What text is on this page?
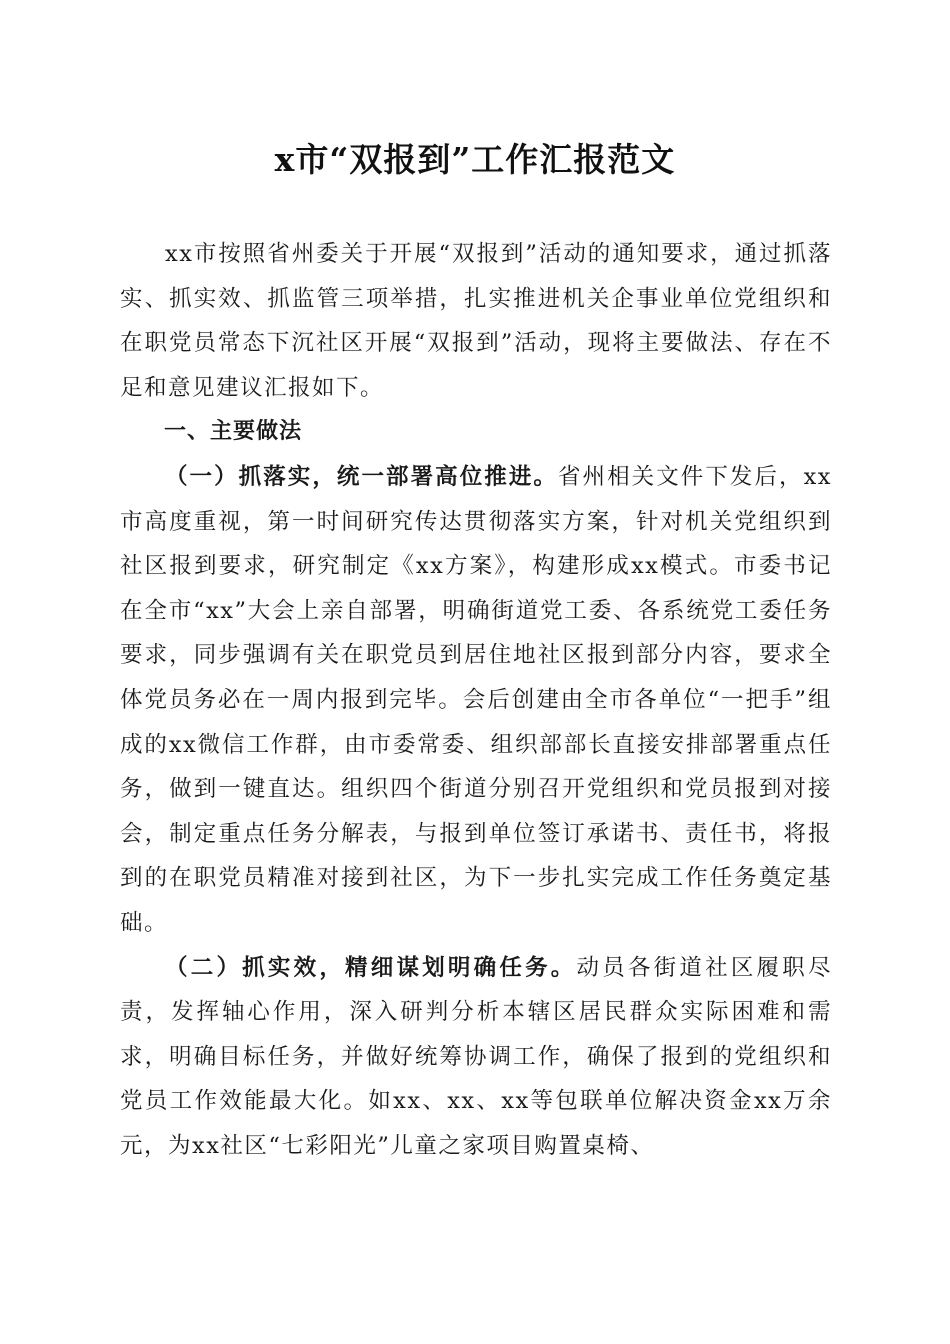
x市“双报到”工作汇报范文

xx市按照省州委关于开展“双报到”活动的通知要求，通过抓落实、抓实效、抓监管三项举措，扎实推进机关企事业单位党组织和在职党员常态下沉社区开展“双报到”活动，现将主要做法、存在不足和意见建议汇报如下。

一、主要做法

（一）抓落实，统一部署高位推进。省州相关文件下发后，xx市高度重视，第一时间研究传达贯彻落实方案，针对机关党组织到社区报到要求，研究制定《xx方案》，构建形成xx模式。市委书记在全市“xx”大会上亲自部署，明确街道党工委、各系统党工委任务要求，同步强调有关在职党员到居住地社区报到部分内容，要求全体党员务必在一周内报到完毕。会后创建由全市各单位“一把手”组成的xx微信工作群，由市委常委、组织部部长直接安排部署重点任务，做到一键直达。组织四个街道分别召开党组织和党员报到对接会，制定重点任务分解表，与报到单位签订承诺书、责任书，将报到的在职党员精准对接到社区，为下一步扎实完成工作任务奠定基础。

（二）抓实效，精细谋划明确任务。动员各街道社区履职尽责，发挥轴心作用，深入研判分析本辖区居民群众实际困难和需求，明确目标任务，并做好统筹协调工作，确保了报到的党组织和党员工作效能最大化。如xx、xx、xx等包联单位解决资金xx万余元，为xx社区“七彩阳光”儿童之家项目购置桌椅、
